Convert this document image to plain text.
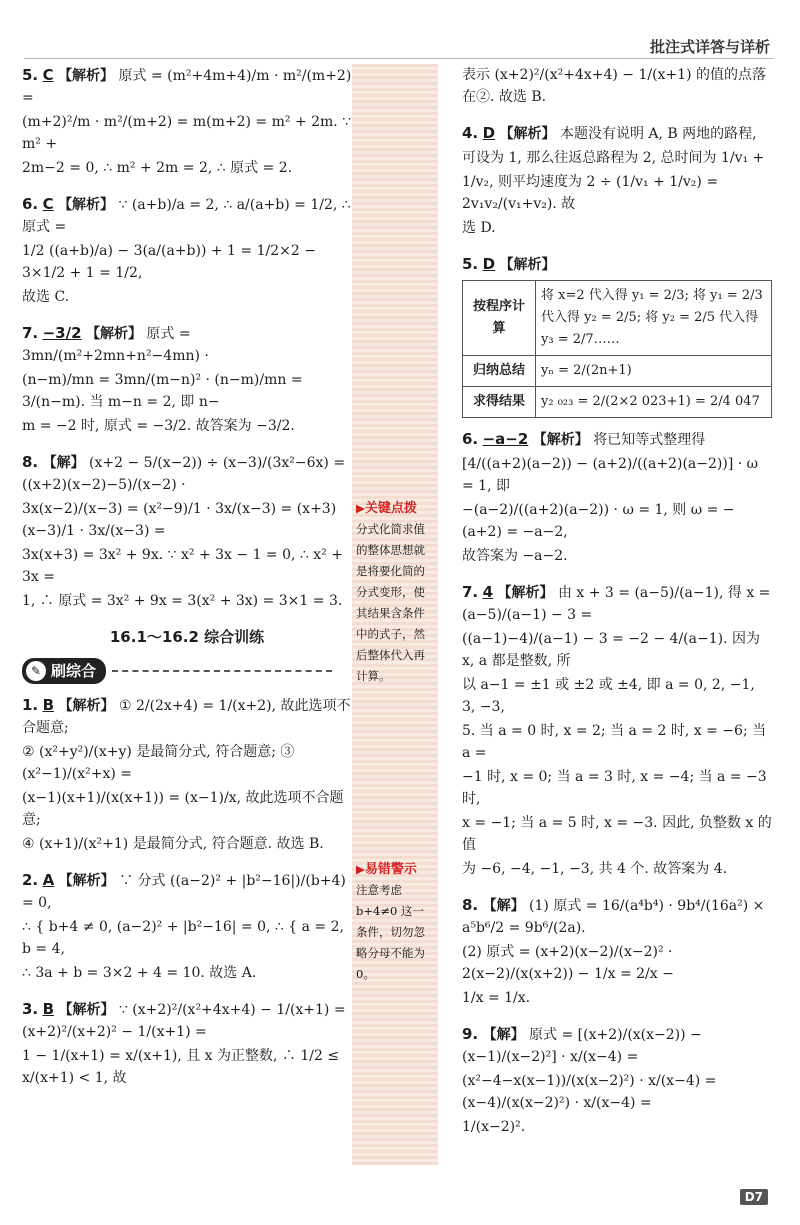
批注式详答与详析
▶关键点拨
分式化简求值的整体思想就是将要化简的分式变形，使其结果含条件中的式子，然后整体代入再计算。
▶易错警示
注意考虑 b+4≠0 这一条件，切勿忽略分母不能为 0。
5. C 【解析】 原式 = (m²+4m+4)/m · m²/(m+2) =
(m+2)²/m · m²/(m+2) = m(m+2) = m² + 2m. ∵ m² +
2m−2 = 0, ∴ m² + 2m = 2, ∴ 原式 = 2.
6. C 【解析】 ∵ (a+b)/a = 2, ∴ a/(a+b) = 1/2, ∴ 原式 =
1/2 ((a+b)/a) − 3(a/(a+b)) + 1 = 1/2×2 − 3×1/2 + 1 = 1/2,
故选 C.
7. −3/2 【解析】 原式 = 3mn/(m²+2mn+n²−4mn) ·
(n−m)/mn = 3mn/(m−n)² · (n−m)/mn = 3/(n−m). 当 m−n = 2, 即 n−
m = −2 时, 原式 = −3/2. 故答案为 −3/2.
8. 【解】 (x+2 − 5/(x−2)) ÷ (x−3)/(3x²−6x) = ((x+2)(x−2)−5)/(x−2) ·
3x(x−2)/(x−3) = (x²−9)/1 · 3x/(x−3) = (x+3)(x−3)/1 · 3x/(x−3) =
3x(x+3) = 3x² + 9x. ∵ x² + 3x − 1 = 0, ∴ x² + 3x =
1, ∴ 原式 = 3x² + 9x = 3(x² + 3x) = 3×1 = 3.
16.1～16.2 综合训练
✎ 刷综合
1. B 【解析】 ① 2/(2x+4) = 1/(x+2), 故此选项不合题意;
② (x²+y²)/(x+y) 是最简分式, 符合题意; ③ (x²−1)/(x²+x) =
(x−1)(x+1)/(x(x+1)) = (x−1)/x, 故此选项不合题意;
④ (x+1)/(x²+1) 是最简分式, 符合题意. 故选 B.
2. A 【解析】 ∵ 分式 ((a−2)² + |b²−16|)/(b+4) = 0,
∴ { b+4 ≠ 0, (a−2)² + |b²−16| = 0, ∴ { a = 2, b = 4,
∴ 3a + b = 3×2 + 4 = 10. 故选 A.
3. B 【解析】 ∵ (x+2)²/(x²+4x+4) − 1/(x+1) = (x+2)²/(x+2)² − 1/(x+1) =
1 − 1/(x+1) = x/(x+1), 且 x 为正整数, ∴ 1/2 ≤ x/(x+1) < 1, 故
表示 (x+2)²/(x²+4x+4) − 1/(x+1) 的值的点落在②. 故选 B.
4. D 【解析】 本题没有说明 A, B 两地的路程,
可设为 1, 那么往返总路程为 2, 总时间为 1/v₁ +
1/v₂, 则平均速度为 2 ÷ (1/v₁ + 1/v₂) = 2v₁v₂/(v₁+v₂). 故
选 D.
5. D 【解析】
按程序计算	将 x=2 代入得 y₁ = 2/3; 将 y₁ = 2/3 代入得 y₂ = 2/5; 将 y₂ = 2/5 代入得 y₃ = 2/7……
归纳总结	yₙ = 2/(2n+1)
求得结果	y₂ ₀₂₃ = 2/(2×2 023+1) = 2/4 047
6. −a−2 【解析】 将已知等式整理得
[4/((a+2)(a−2)) − (a+2)/((a+2)(a−2))] · ω = 1, 即
−(a−2)/((a+2)(a−2)) · ω = 1, 则 ω = −(a+2) = −a−2,
故答案为 −a−2.
7. 4 【解析】 由 x + 3 = (a−5)/(a−1), 得 x = (a−5)/(a−1) − 3 =
((a−1)−4)/(a−1) − 3 = −2 − 4/(a−1). 因为 x, a 都是整数, 所
以 a−1 = ±1 或 ±2 或 ±4, 即 a = 0, 2, −1, 3, −3,
5. 当 a = 0 时, x = 2; 当 a = 2 时, x = −6; 当 a =
−1 时, x = 0; 当 a = 3 时, x = −4; 当 a = −3 时,
x = −1; 当 a = 5 时, x = −3. 因此, 负整数 x 的值
为 −6, −4, −1, −3, 共 4 个. 故答案为 4.
8. 【解】 (1) 原式 = 16/(a⁴b⁴) · 9b⁴/(16a²) × a⁵b⁶/2 = 9b⁶/(2a).
(2) 原式 = (x+2)(x−2)/(x−2)² · 2(x−2)/(x(x+2)) − 1/x = 2/x −
1/x = 1/x.
9. 【解】 原式 = [(x+2)/(x(x−2)) − (x−1)/(x−2)²] · x/(x−4) =
(x²−4−x(x−1))/(x(x−2)²) · x/(x−4) = (x−4)/(x(x−2)²) · x/(x−4) =
1/(x−2)².
D7
